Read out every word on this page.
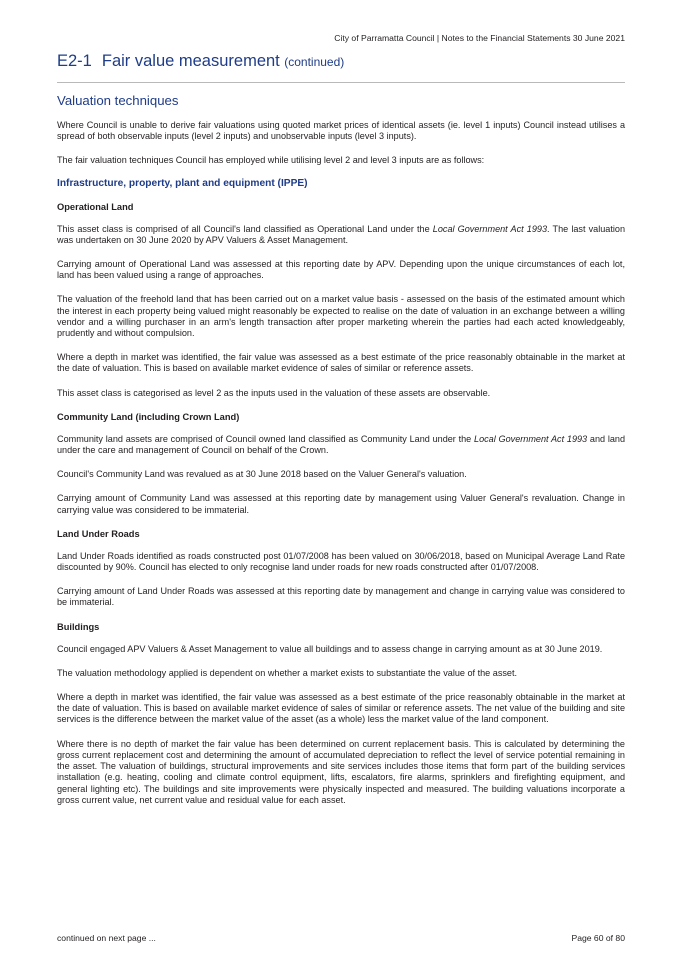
City of Parramatta Council | Notes to the Financial Statements 30 June 2021
E2-1 Fair value measurement (continued)
Valuation techniques

Where Council is unable to derive fair valuations using quoted market prices of identical assets (ie. level 1 inputs) Council instead utilises a spread of both observable inputs (level 2 inputs) and unobservable inputs (level 3 inputs).

The fair valuation techniques Council has employed while utilising level 2 and level 3 inputs are as follows:

Infrastructure, property, plant and equipment (IPPE)
Operational Land

This asset class is comprised of all Council's land classified as Operational Land under the Local Government Act 1993. The last valuation was undertaken on 30 June 2020 by APV Valuers & Asset Management.

Carrying amount of Operational Land was assessed at this reporting date by APV. Depending upon the unique circumstances of each lot, land has been valued using a range of approaches.

The valuation of the freehold land that has been carried out on a market value basis - assessed on the basis of the estimated amount which the interest in each property being valued might reasonably be expected to realise on the date of valuation in an exchange between a willing vendor and a willing purchaser in an arm's length transaction after proper marketing wherein the parties had each acted knowledgeably, prudently and without compulsion.

Where a depth in market was identified, the fair value was assessed as a best estimate of the price reasonably obtainable in the market at the date of valuation. This is based on available market evidence of sales of similar or reference assets.

This asset class is categorised as level 2 as the inputs used in the valuation of these assets are observable.

Community Land (including Crown Land)

Community land assets are comprised of Council owned land classified as Community Land under the Local Government Act 1993 and land under the care and management of Council on behalf of the Crown.

Council's Community Land was revalued as at 30 June 2018 based on the Valuer General's valuation.

Carrying amount of Community Land was assessed at this reporting date by management using Valuer General's revaluation. Change in carrying value was considered to be immaterial.

Land Under Roads

Land Under Roads identified as roads constructed post 01/07/2008 has been valued on 30/06/2018, based on Municipal Average Land Rate discounted by 90%. Council has elected to only recognise land under roads for new roads constructed after 01/07/2008.

Carrying amount of Land Under Roads was assessed at this reporting date by management and change in carrying value was considered to be immaterial.

Buildings

Council engaged APV Valuers & Asset Management to value all buildings and to assess change in carrying amount as at 30 June 2019.

The valuation methodology applied is dependent on whether a market exists to substantiate the value of the asset.

Where a depth in market was identified, the fair value was assessed as a best estimate of the price reasonably obtainable in the market at the date of valuation. This is based on available market evidence of sales of similar or reference assets. The net value of the building and site services is the difference between the market value of the asset (as a whole) less the market value of the land component.

Where there is no depth of market the fair value has been determined on current replacement basis. This is calculated by determining the gross current replacement cost and determining the amount of accumulated depreciation to reflect the level of service potential remaining in the asset. The valuation of buildings, structural improvements and site services includes those items that form part of the building services installation (e.g. heating, cooling and climate control equipment, lifts, escalators, fire alarms, sprinklers and firefighting equipment, and general lighting etc). The buildings and site improvements were physically inspected and measured. The building valuations incorporate a gross current value, net current value and residual value for each asset.

continued on next page ...	Page 60 of 80
